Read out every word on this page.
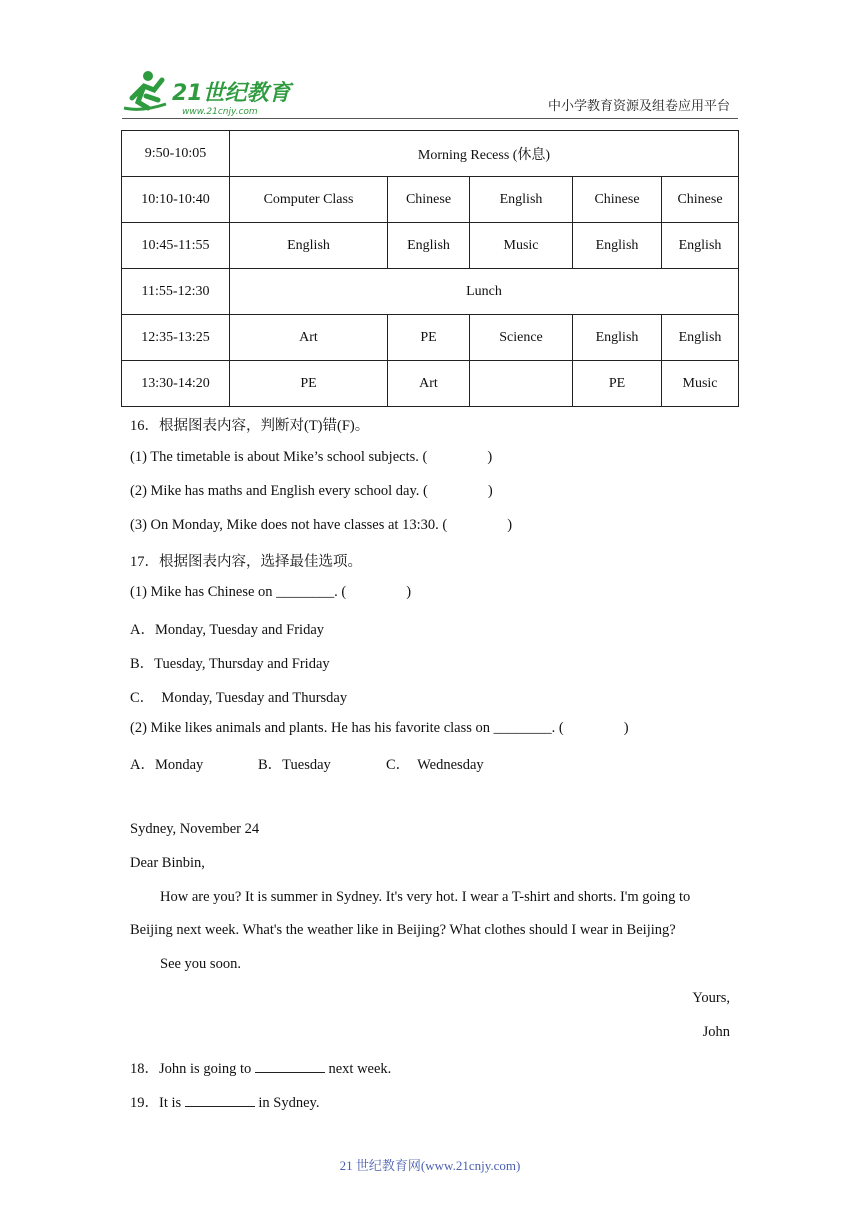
21世纪教育
www.21cnjy.com	中小学教育资源及组卷应用平台
9:50-10:05	Morning Recess (休息)				
10:10-10:40	Computer Class	Chinese	English	Chinese	Chinese
10:45-11:55	English	English	Music	English	English
11:55-12:30	Lunch				
12:35-13:25	Art	PE	Science	English	English
13:30-14:20	PE	Art		PE	Music
16．根据图表内容，判断对(T)错(F)。
(1) The timetable is about Mike’s school subjects. (	)
(2) Mike has maths and English every school day. (	)
(3) On Monday, Mike does not have classes at 13:30. (	)
17．根据图表内容，选择最佳选项。
(1) Mike has Chinese on ________. (	)
A．Monday, Tuesday and Friday
B．Tuesday, Thursday and Friday
C．  Monday, Tuesday and Thursday
(2) Mike likes animals and plants. He has his favorite class on ________. (	)
A．Monday	B．Tuesday	C．  Wednesday
Sydney, November 24
Dear Binbin,
How are you? It is summer in Sydney. It's very hot. I wear a T-shirt and shorts. I'm going to
Beijing next week. What's the weather like in Beijing? What clothes should I wear in Beijing?
See you soon.
Yours,
John
18．John is going to	next week.
19．It is	in Sydney.
21 世纪教育网(www.21cnjy.com)
